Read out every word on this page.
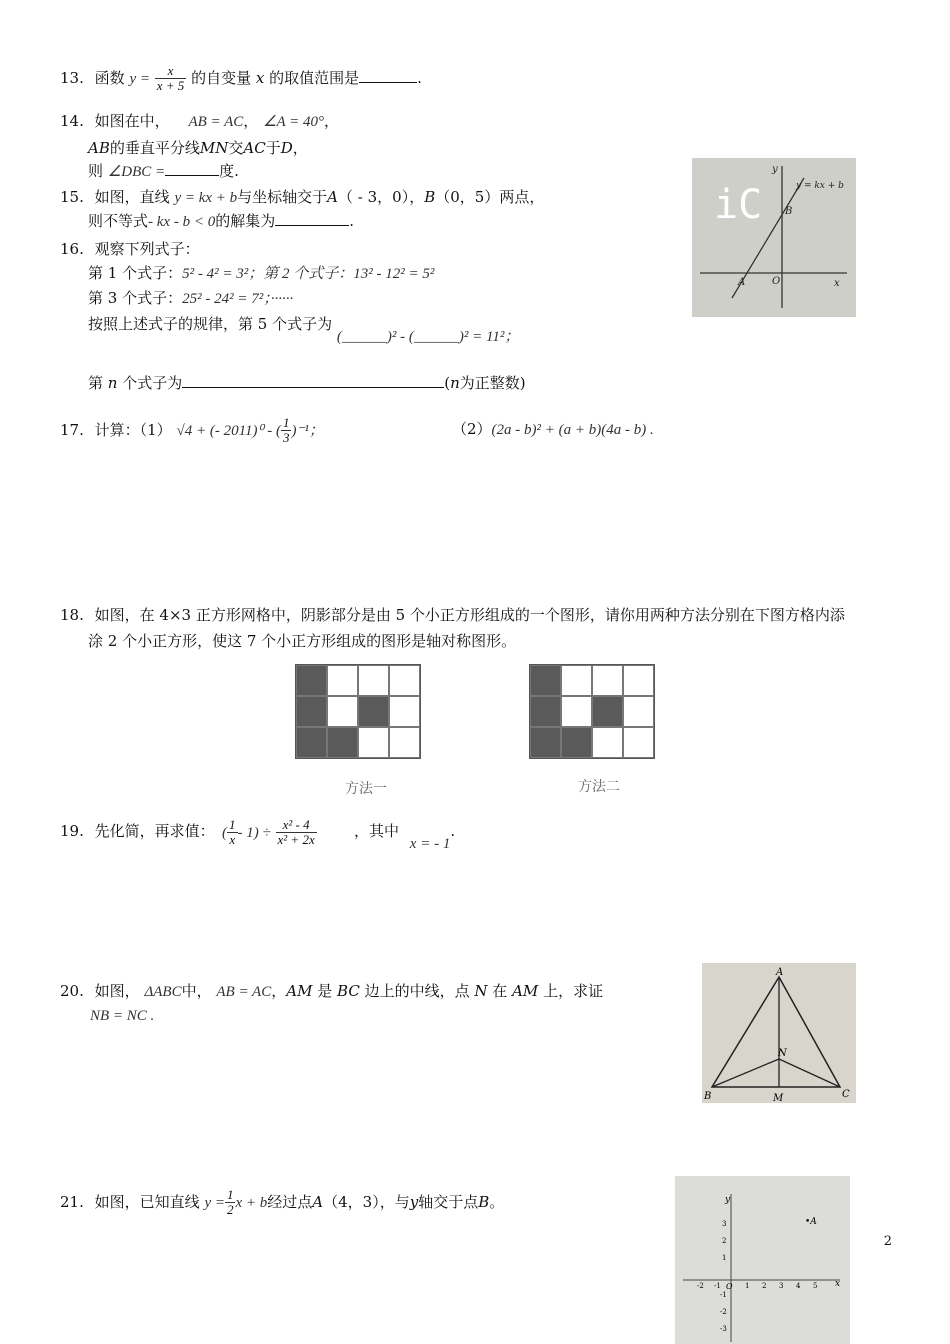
13. 函数 $y = \frac{x}{x + 5}$ 的自变量 x 的取值范围是	.
14. 如图在中， AB = AC， ∠A = 40°，
AB的垂直平分线MN交AC于D，
则 ∠DBC =	度.	y
x
O
A
B
y = kx + b
iC
15. 如图，直线 y = kx + b与坐标轴交于A（ - 3，0），B（0，5）两点，
则不等式- kx - b < 0的解集为	.
16. 观察下列式子：
第 1 个式子：5² - 4² = 3²；第 2 个式子：13² - 12² = 5²
第 3 个式子：25² - 24² = 7²；······
按照上述式子的规律，第 5 个式子为 (______)² - (______)² = 11²；
第 n 个式子为	(n为正整数)
17. 计算：（1） √4 + (- 2011)⁰ - ( $\frac{1}{3} )^{-1}$；	（2）(2a - b)² + (a + b)(4a - b) .
18. 如图，在 4×3 正方形网格中，阴影部分是由 5 个小正方形组成的一个图形，请你用两种方法分别在下图方格内添
涂 2 个小正方形，使这 7 个小正方形组成的图形是轴对称图形。
方法一	方法二
19. 先化简，再求值： ( $\frac{1}{x} - 1) \div \frac{\text{x² - 4}}{\text{x² + 2x}}$ ，其中 x = - 1.
A
B	C
M
N
20. 如图， ΔABC中， AB = AC，AM 是 BC 边上的中线，点 N 在 AM 上，求证
NB = NC .
21. 如图，已知直线 $y = \frac{1}{2}$ x + b经过点A（4，3），与y轴交于点B。	y
x
O
•A
-2 -1	1 2 3 4 5
3
2
1
-1
-2
-3
2
